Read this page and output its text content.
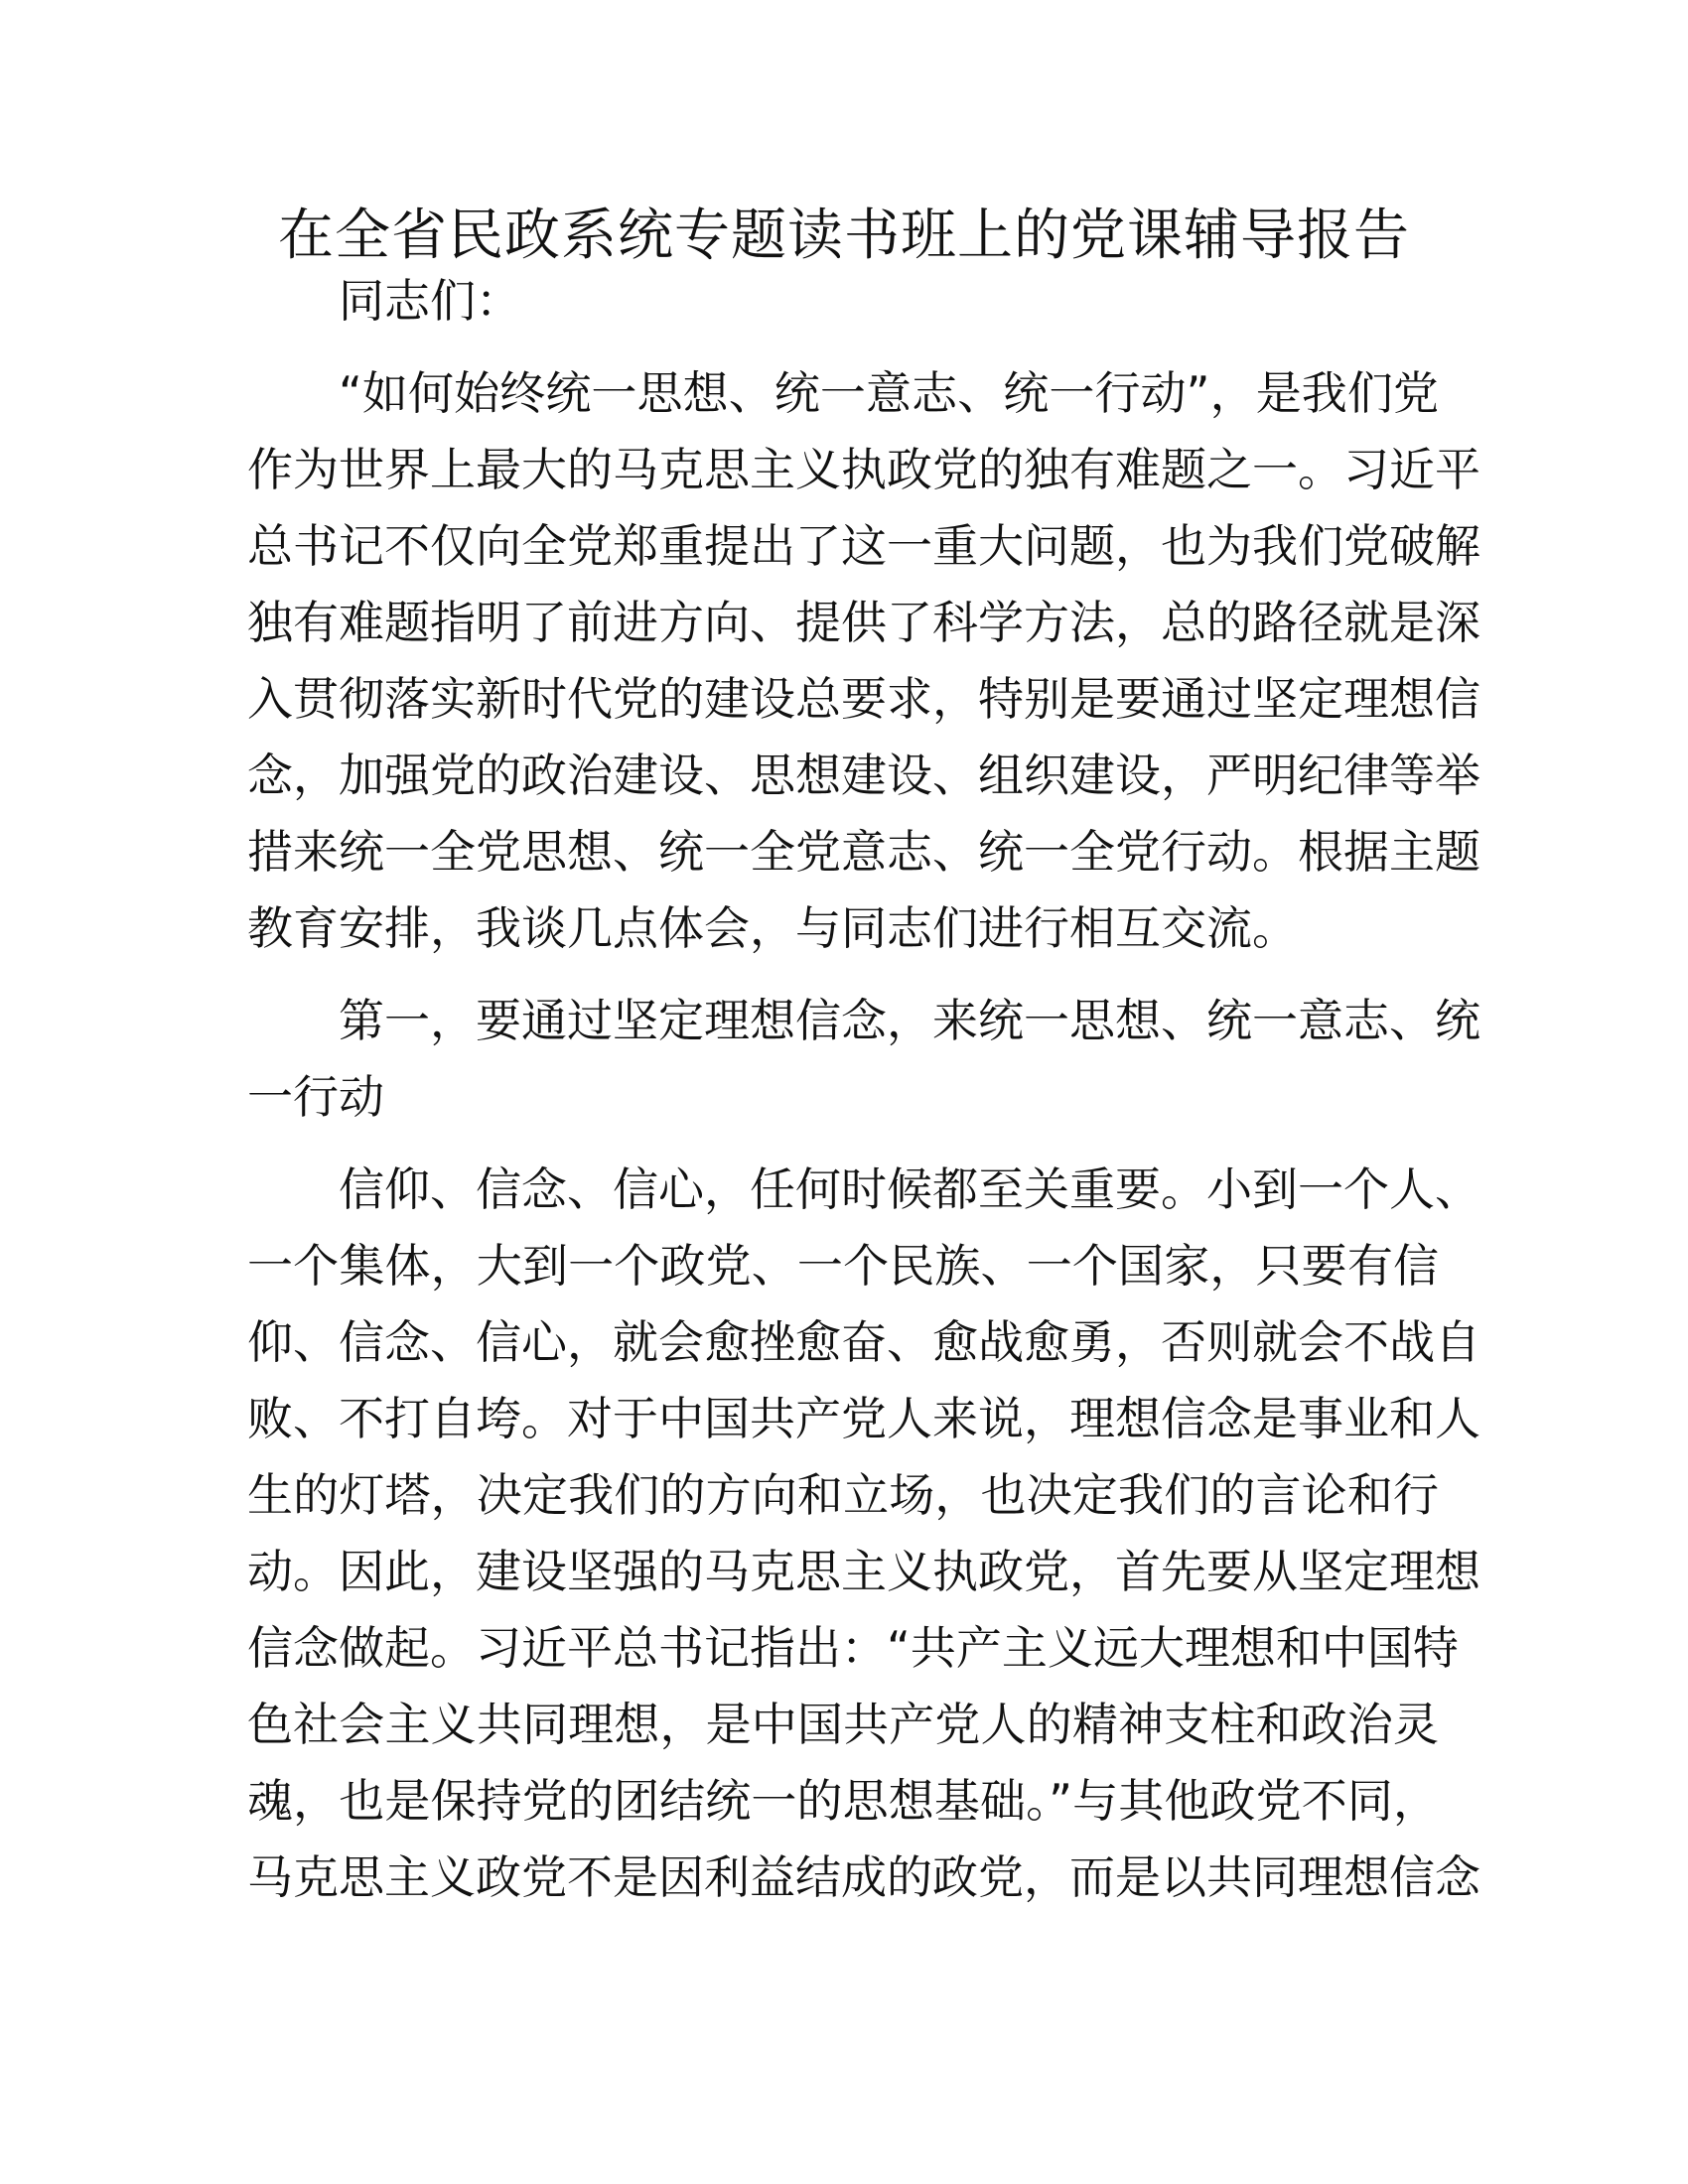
在全省民政系统专题读书班上的党课辅导报告

同志们：

“如何始终统一思想、统一意志、统一行动”，是我们党
作为世界上最大的马克思主义执政党的独有难题之一。习近平
总书记不仅向全党郑重提出了这一重大问题，也为我们党破解
独有难题指明了前进方向、提供了科学方法，总的路径就是深
入贯彻落实新时代党的建设总要求，特别是要通过坚定理想信
念，加强党的政治建设、思想建设、组织建设，严明纪律等举
措来统一全党思想、统一全党意志、统一全党行动。根据主题
教育安排，我谈几点体会，与同志们进行相互交流。

第一，要通过坚定理想信念，来统一思想、统一意志、统
一行动

信仰、信念、信心，任何时候都至关重要。小到一个人、
一个集体，大到一个政党、一个民族、一个国家，只要有信
仰、信念、信心，就会愈挫愈奋、愈战愈勇，否则就会不战自
败、不打自垮。对于中国共产党人来说，理想信念是事业和人
生的灯塔，决定我们的方向和立场，也决定我们的言论和行
动。因此，建设坚强的马克思主义执政党，首先要从坚定理想
信念做起。习近平总书记指出：“共产主义远大理想和中国特
色社会主义共同理想，是中国共产党人的精神支柱和政治灵
魂，也是保持党的团结统一的思想基础。”与其他政党不同，
马克思主义政党不是因利益结成的政党，而是以共同理想信念
